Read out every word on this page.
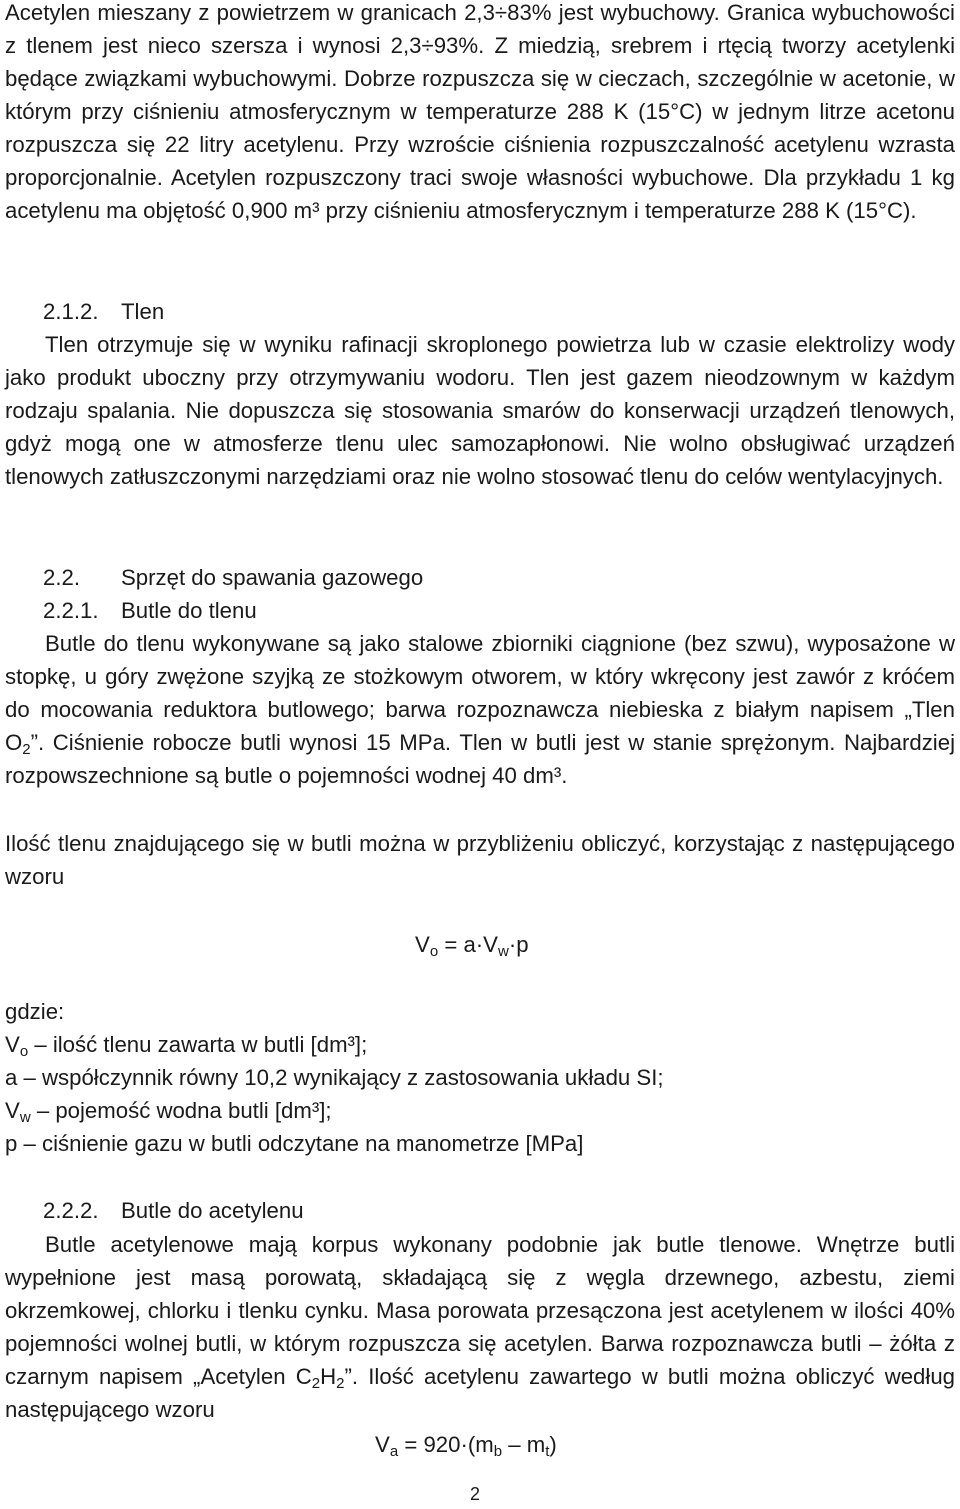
Acetylen mieszany z powietrzem w granicach 2,3÷83% jest wybuchowy. Granica wybuchowości z tlenem jest nieco szersza i wynosi 2,3÷93%. Z miedzią, srebrem i rtęcią tworzy acetylenki będące związkami wybuchowymi. Dobrze rozpuszcza się w cieczach, szczególnie w acetonie, w którym przy ciśnieniu atmosferycznym w temperaturze 288 K (15°C) w jednym litrze acetonu rozpuszcza się 22 litry acetylenu. Przy wzroście ciśnienia rozpuszczalność acetylenu wzrasta proporcjonalnie. Acetylen rozpuszczony traci swoje własności wybuchowe. Dla przykładu 1 kg acetylenu ma objętość 0,900 m³ przy ciśnieniu atmosferycznym i temperaturze 288 K (15°C).

2.1.2. Tlen

Tlen otrzymuje się w wyniku rafinacji skroplonego powietrza lub w czasie elektrolizy wody jako produkt uboczny przy otrzymywaniu wodoru. Tlen jest gazem nieodzownym w każdym rodzaju spalania. Nie dopuszcza się stosowania smarów do konserwacji urządzeń tlenowych, gdyż mogą one w atmosferze tlenu ulec samozapłonowi. Nie wolno obsługiwać urządzeń tlenowych zatłuszczonymi narzędziami oraz nie wolno stosować tlenu do celów wentylacyjnych.

2.2. Sprzęt do spawania gazowego
2.2.1. Butle do tlenu

Butle do tlenu wykonywane są jako stalowe zbiorniki ciągnione (bez szwu), wyposażone w stopkę, u góry zwężone szyjką ze stożkowym otworem, w który wkręcony jest zawór z króćem do mocowania reduktora butlowego; barwa rozpoznawcza niebieska z białym napisem „Tlen $O_2$”. Ciśnienie robocze butli wynosi 15 MPa. Tlen w butli jest w stanie sprężonym. Najbardziej rozpowszechnione są butle o pojemności wodnej 40 dm³.

Ilość tlenu znajdującego się w butli można w przybliżeniu obliczyć, korzystając z następującego wzoru

$V_o = a\cdot V_w\cdot p$
gdzie:
$V_o$ – ilość tlenu zawarta w butli [dm³];
a – współczynnik równy 10,2 wynikający z zastosowania układu SI;
$V_w$ – pojemość wodna butli [dm³];
p – ciśnienie gazu w butli odczytane na manometrze [MPa]
2.2.2. Butle do acetylenu

Butle acetylenowe mają korpus wykonany podobnie jak butle tlenowe. Wnętrze butli wypełnione jest masą porowatą, składającą się z węgla drzewnego, azbestu, ziemi okrzemkowej, chlorku i tlenku cynku. Masa porowata przesączona jest acetylenem w ilości 40% pojemności wolnej butli, w którym rozpuszcza się acetylen. Barwa rozpoznawcza butli – żółta z czarnym napisem „Acetylen $C_2H_2$”. Ilość acetylenu zawartego w butli można obliczyć według następującego wzoru

$V_a = 920\cdot(m_b - m_t)$
2
